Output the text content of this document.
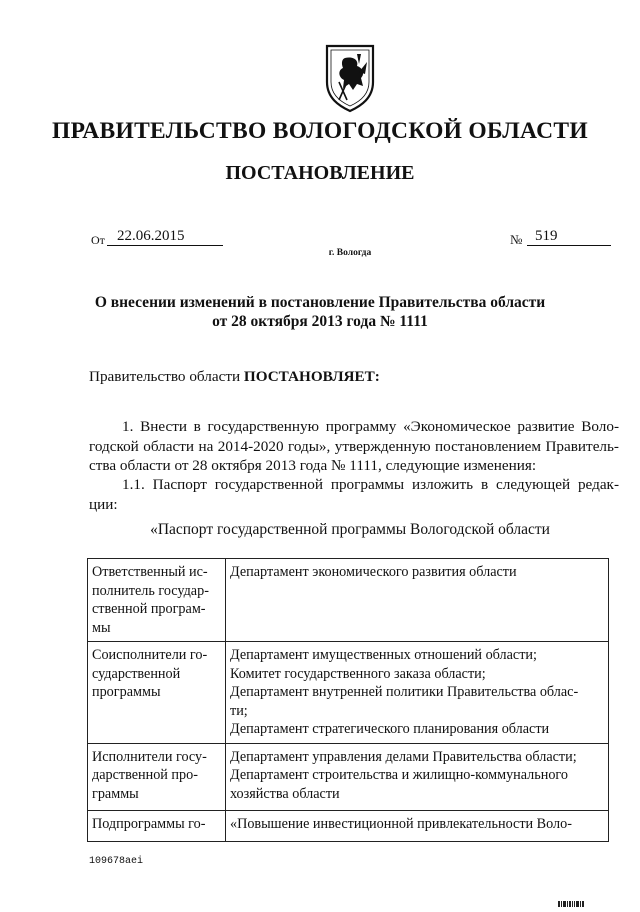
ПРАВИТЕЛЬСТВО ВОЛОГОДСКОЙ ОБЛАСТИ
ПОСТАНОВЛЕНИЕ
От 22.06.2015	№ 519
г. Вологда
О внесении изменений в постановление Правительства области
от 28 октября 2013 года № 1111
Правительство области ПОСТАНОВЛЯЕТ:
1. Внести в государственную программу «Экономическое развитие Воло-
годской области на 2014-2020 годы», утвержденную постановлением Правитель-
ства области от 28 октября 2013 года № 1111, следующие изменения:
1.1. Паспорт государственной программы изложить в следующей редак-
ции:
«Паспорт государственной программы Вологодской области
Ответственный ис-
полнитель государ-
ственной програм-
мы	Департамент экономического развития области

Соисполнители го-
сударственной
программы	Департамент имущественных отношений области;
Комитет государственного заказа области;
Департамент внутренней политики Правительства облас-
ти;
Департамент стратегического планирования области

Исполнители госу-
дарственной про-
граммы	Департамент управления делами Правительства области;
Департамент строительства и жилищно-коммунального
хозяйства области

Подпрограммы го-	«Повышение инвестиционной привлекательности Воло-
109678aei
